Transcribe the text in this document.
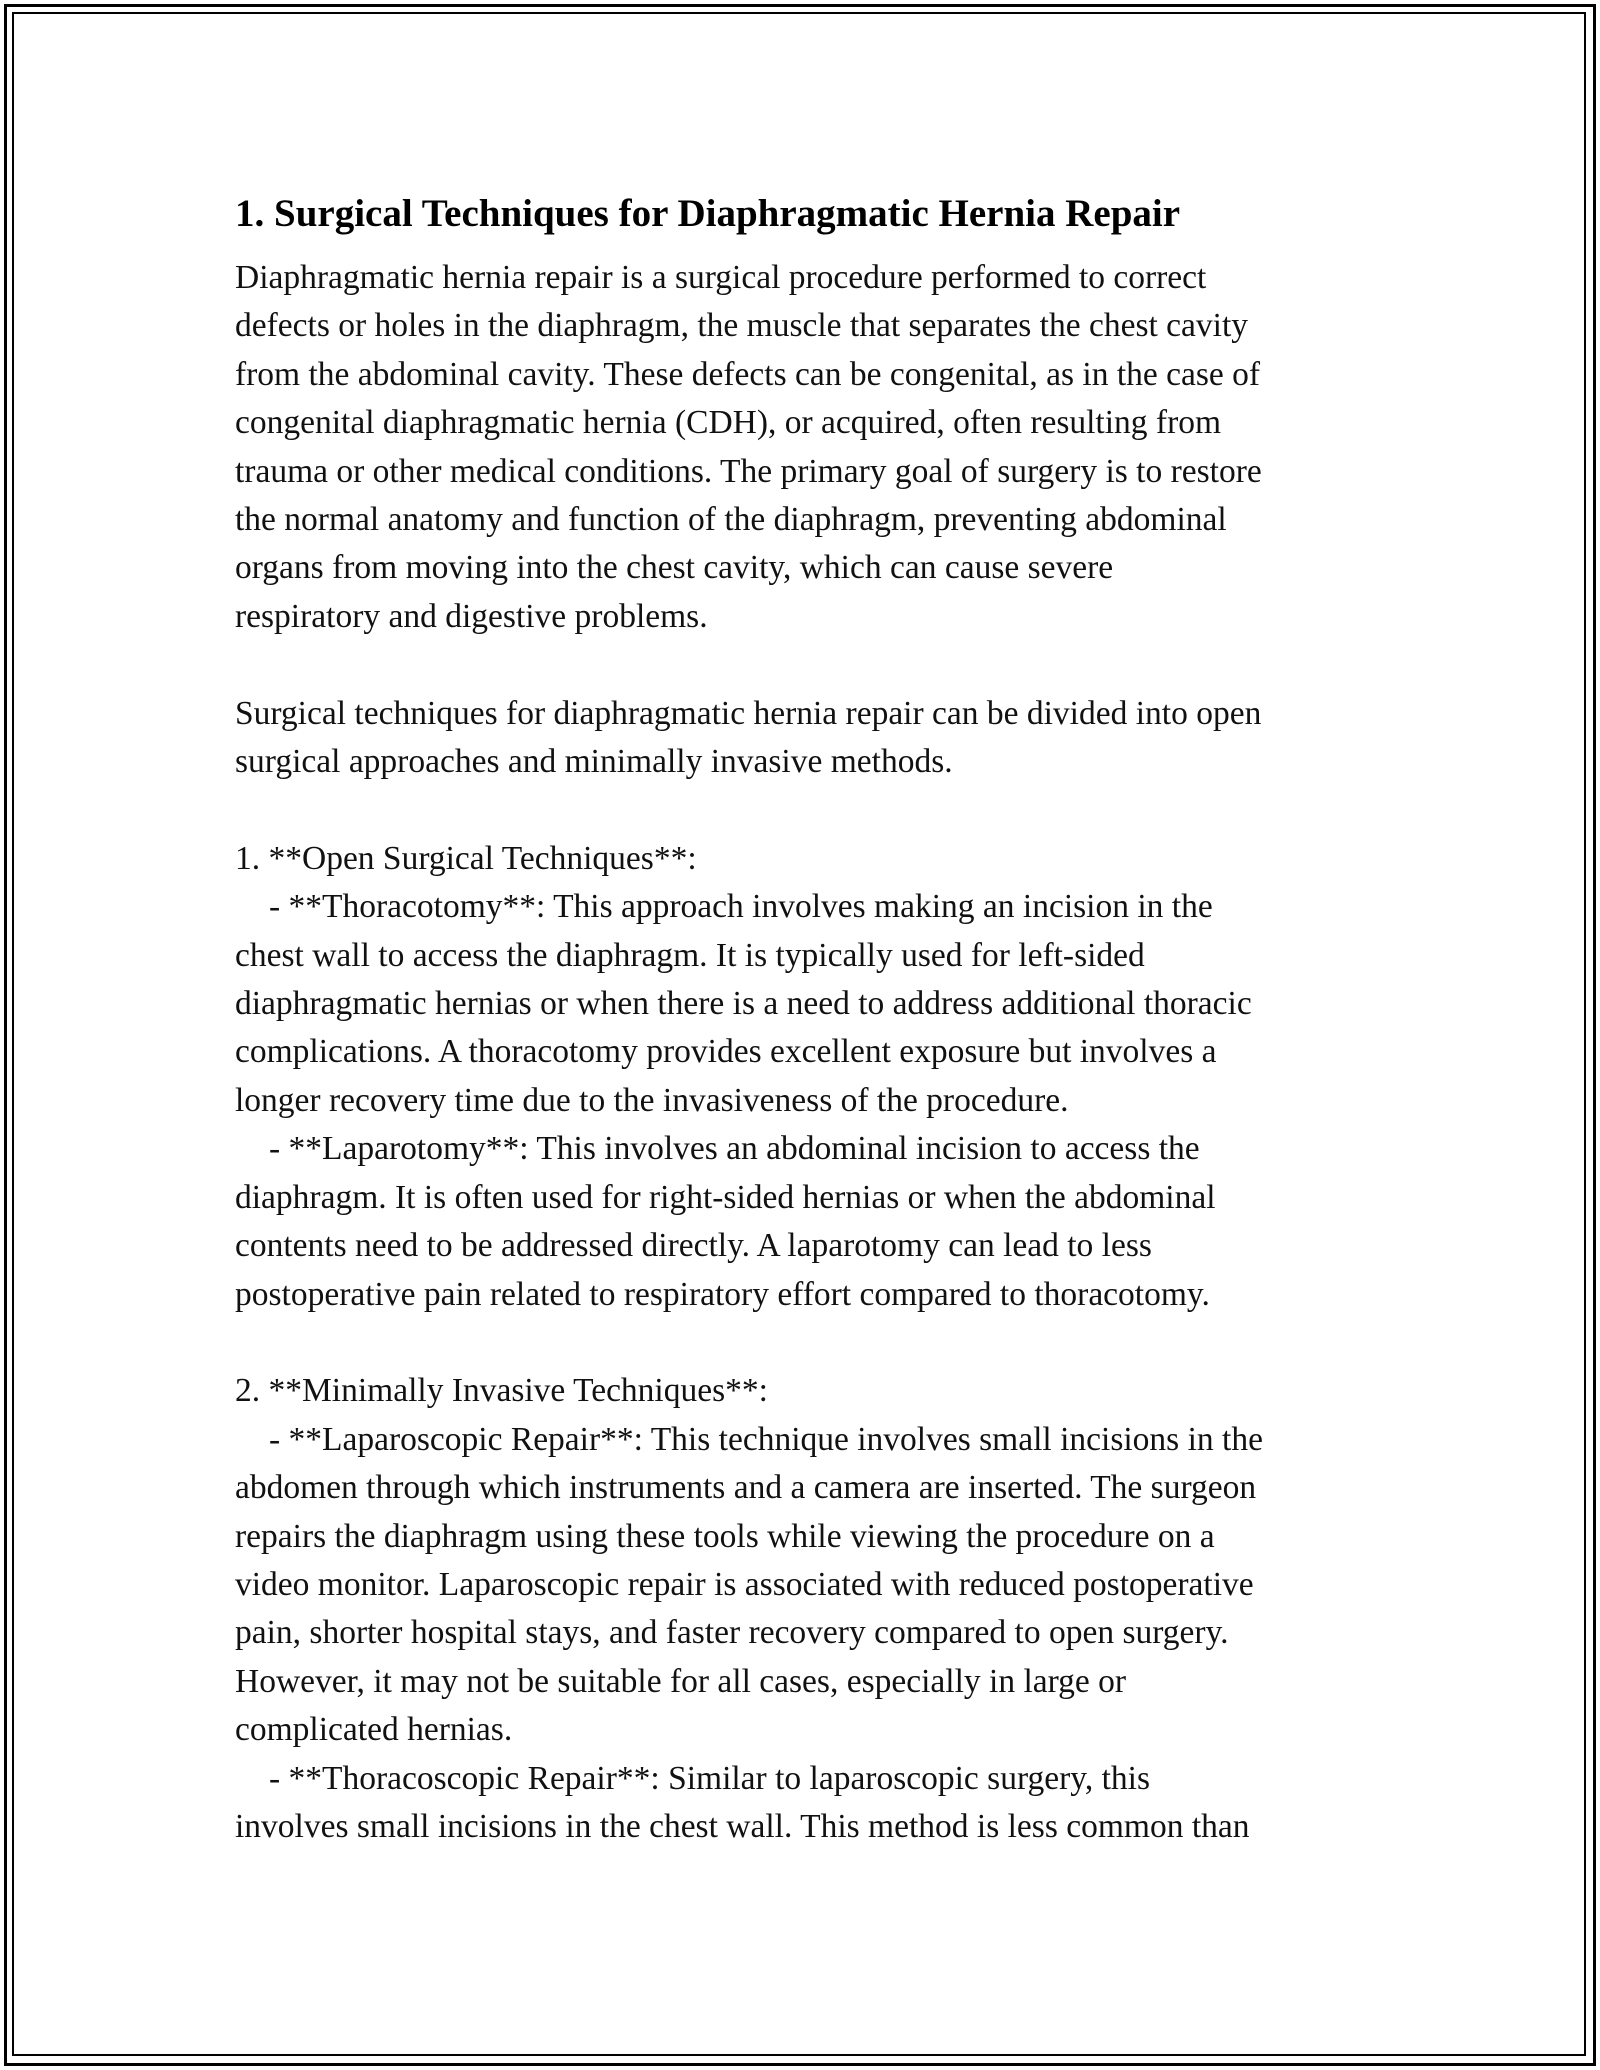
1. Surgical Techniques for Diaphragmatic Hernia Repair

Diaphragmatic hernia repair is a surgical procedure performed to correct
defects or holes in the diaphragm, the muscle that separates the chest cavity
from the abdominal cavity. These defects can be congenital, as in the case of
congenital diaphragmatic hernia (CDH), or acquired, often resulting from
trauma or other medical conditions. The primary goal of surgery is to restore
the normal anatomy and function of the diaphragm, preventing abdominal
organs from moving into the chest cavity, which can cause severe
respiratory and digestive problems.

Surgical techniques for diaphragmatic hernia repair can be divided into open
surgical approaches and minimally invasive methods.

1. **Open Surgical Techniques**:

- **Thoracotomy**: This approach involves making an incision in the
chest wall to access the diaphragm. It is typically used for left-sided
diaphragmatic hernias or when there is a need to address additional thoracic
complications. A thoracotomy provides excellent exposure but involves a
longer recovery time due to the invasiveness of the procedure.

- **Laparotomy**: This involves an abdominal incision to access the
diaphragm. It is often used for right-sided hernias or when the abdominal
contents need to be addressed directly. A laparotomy can lead to less
postoperative pain related to respiratory effort compared to thoracotomy.

2. **Minimally Invasive Techniques**:

- **Laparoscopic Repair**: This technique involves small incisions in the
abdomen through which instruments and a camera are inserted. The surgeon
repairs the diaphragm using these tools while viewing the procedure on a
video monitor. Laparoscopic repair is associated with reduced postoperative
pain, shorter hospital stays, and faster recovery compared to open surgery.
However, it may not be suitable for all cases, especially in large or
complicated hernias.

- **Thoracoscopic Repair**: Similar to laparoscopic surgery, this
involves small incisions in the chest wall. This method is less common than
